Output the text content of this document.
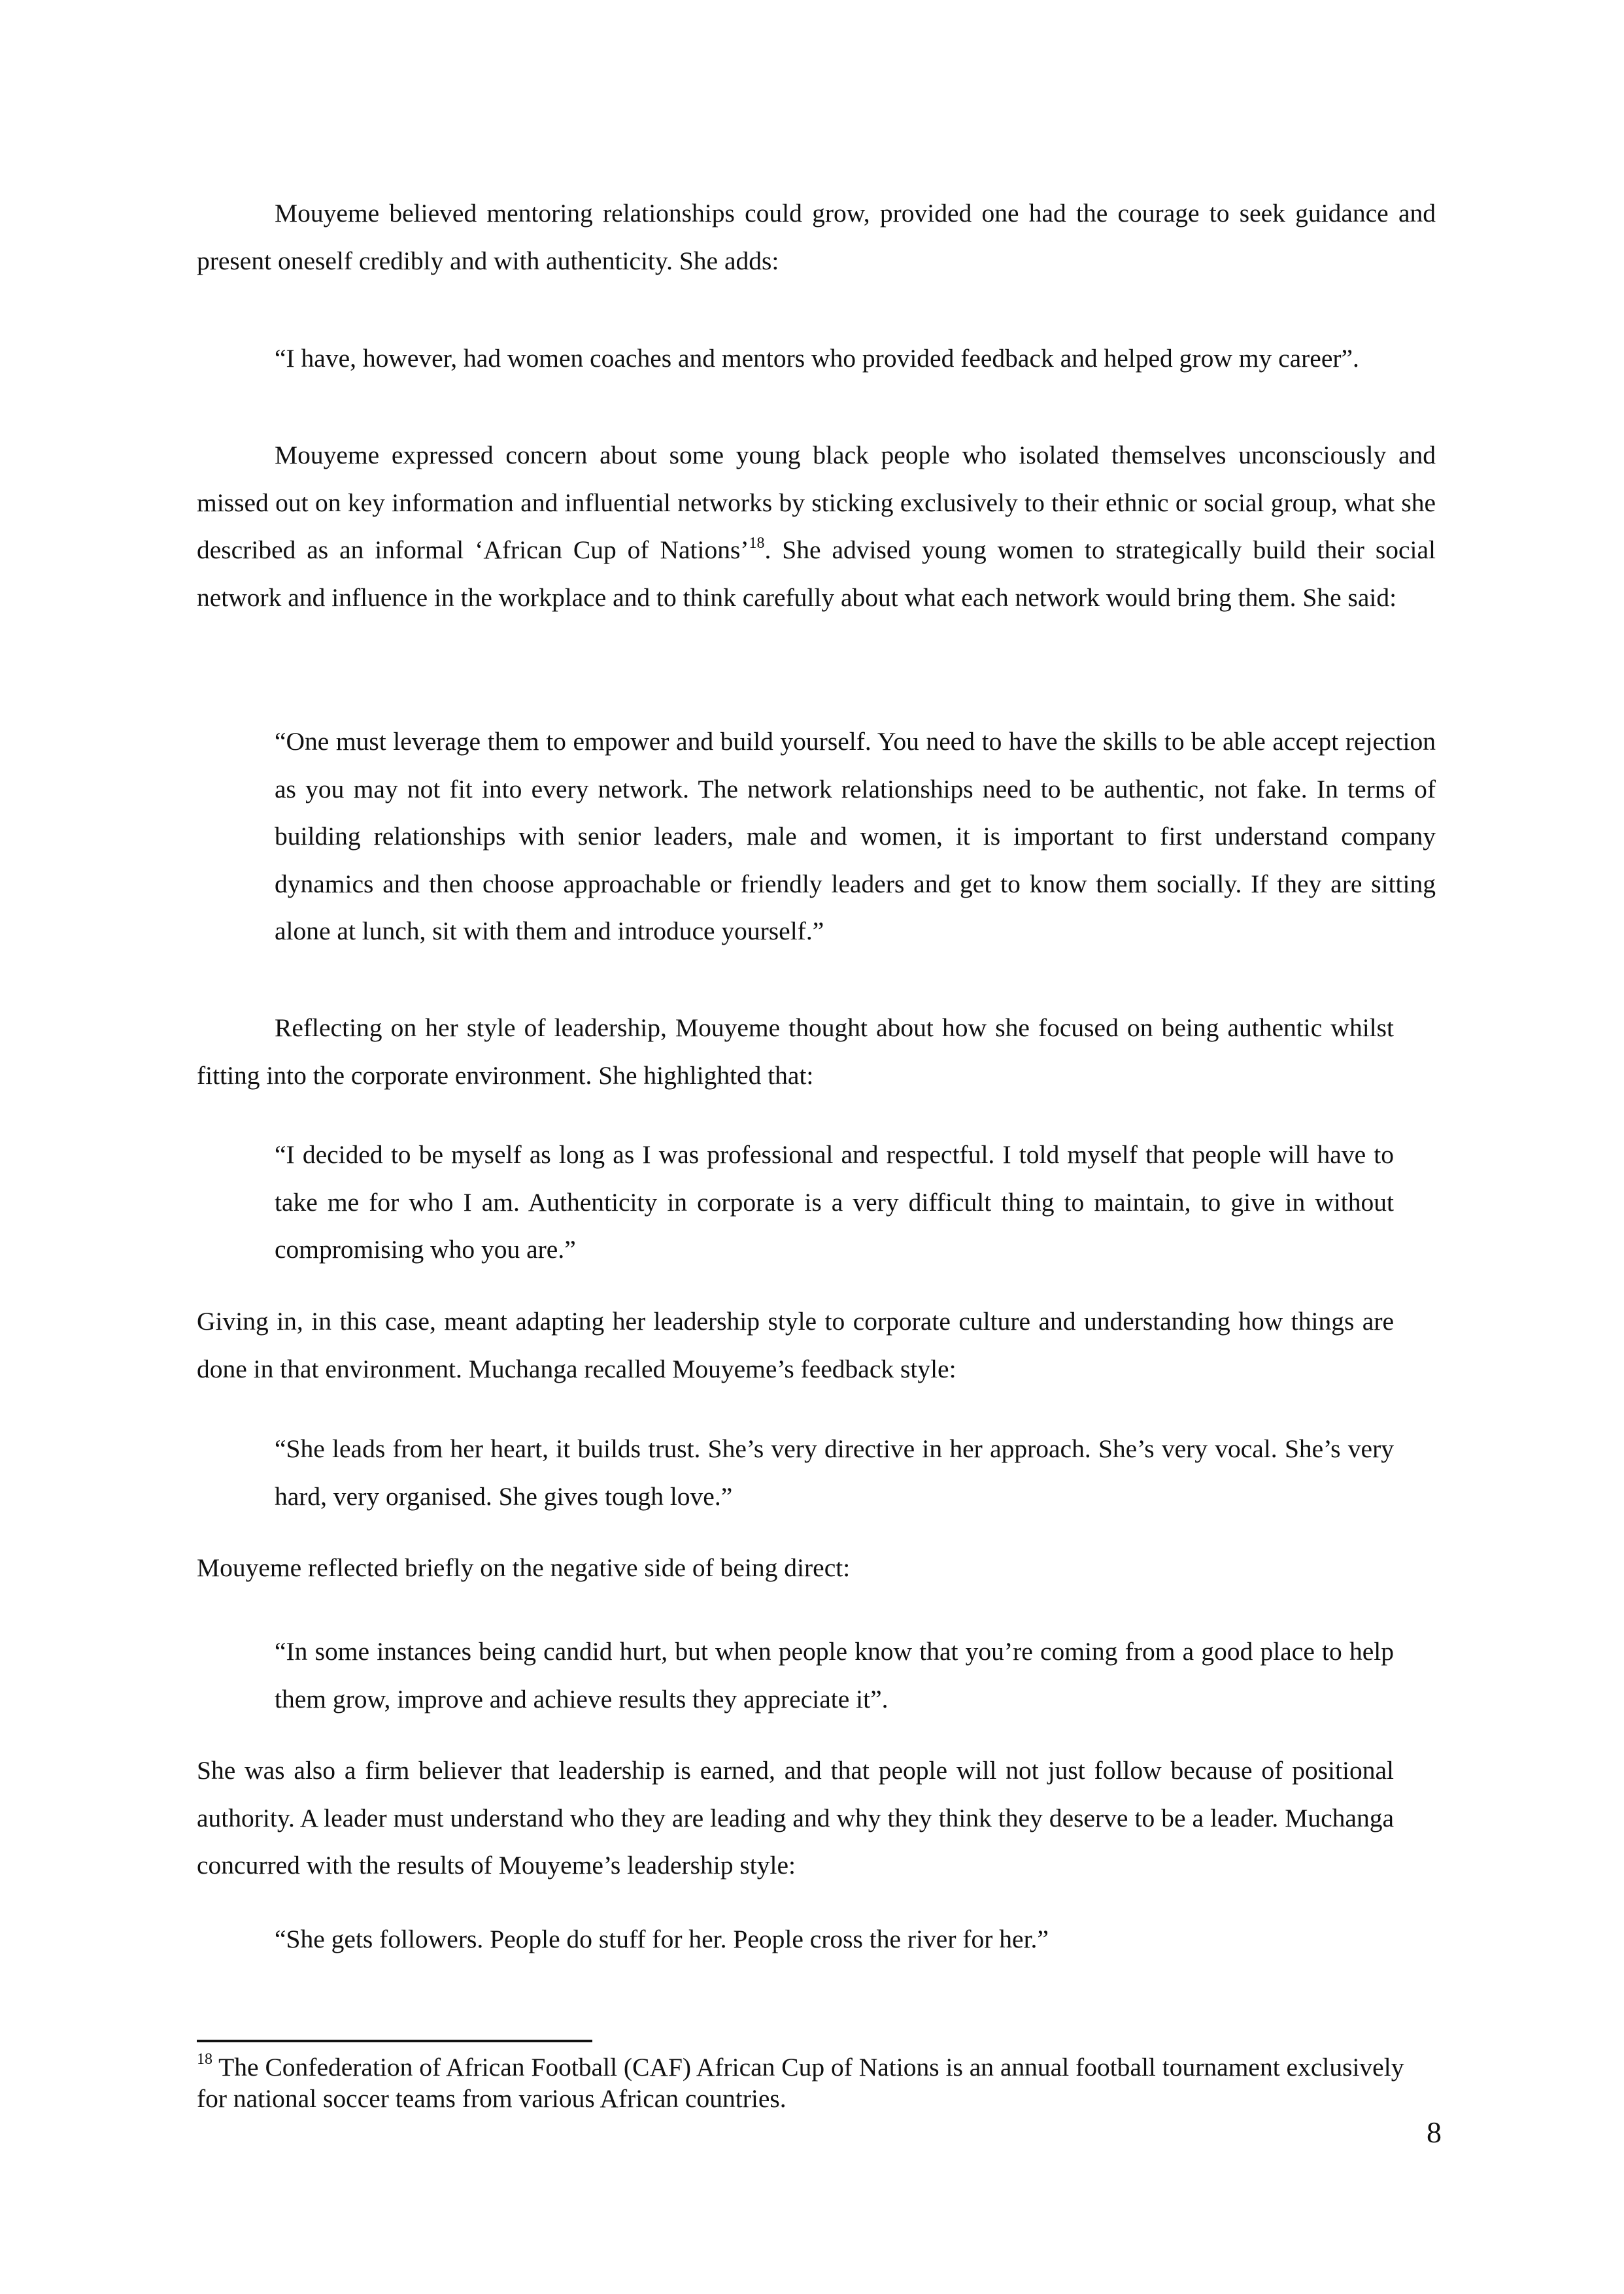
Mouyeme believed mentoring relationships could grow, provided one had the courage to seek guidance and present oneself credibly and with authenticity. She adds:

“I have, however, had women coaches and mentors who provided feedback and helped grow my career”.

Mouyeme expressed concern about some young black people who isolated themselves unconsciously and missed out on key information and influential networks by sticking exclusively to their ethnic or social group, what she described as an informal ‘African Cup of Nations’$^{18}$. She advised young women to strategically build their social network and influence in the workplace and to think carefully about what each network would bring them. She said:

“One must leverage them to empower and build yourself. You need to have the skills to be able accept rejection as you may not fit into every network. The network relationships need to be authentic, not fake. In terms of building relationships with senior leaders, male and women, it is important to first understand company dynamics and then choose approachable or friendly leaders and get to know them socially. If they are sitting alone at lunch, sit with them and introduce yourself.”

Reflecting on her style of leadership, Mouyeme thought about how she focused on being authentic whilst fitting into the corporate environment. She highlighted that:

“I decided to be myself as long as I was professional and respectful. I told myself that people will have to take me for who I am. Authenticity in corporate is a very difficult thing to maintain, to give in without compromising who you are.”

Giving in, in this case, meant adapting her leadership style to corporate culture and understanding how things are done in that environment. Muchanga recalled Mouyeme’s feedback style:

“She leads from her heart, it builds trust. She’s very directive in her approach. She’s very vocal. She’s very hard, very organised. She gives tough love.”

Mouyeme reflected briefly on the negative side of being direct:

“In some instances being candid hurt, but when people know that you’re coming from a good place to help them grow, improve and achieve results they appreciate it”.

She was also a firm believer that leadership is earned, and that people will not just follow because of positional authority. A leader must understand who they are leading and why they think they deserve to be a leader. Muchanga concurred with the results of Mouyeme’s leadership style:

“She gets followers. People do stuff for her. People cross the river for her.”

$^{18}$ The Confederation of African Football (CAF) African Cup of Nations is an annual football tournament exclusively for national soccer teams from various African countries.

8
